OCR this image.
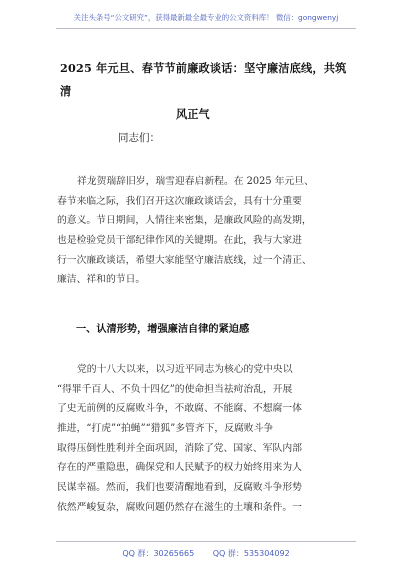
关注头条号“公文研究”，获得最新最全最专业的公文资料库！ 微信：gongwenyj
2025 年元旦、春节节前廉政谈话：坚守廉洁底线，共筑清
风正气
同志们：
祥龙贺瑞辞旧岁，瑞雪迎春启新程。在 2025 年元旦、
春节来临之际，我们召开这次廉政谈话会，具有十分重要
的意义。节日期间，人情往来密集，是廉政风险的高发期，
也是检验党员干部纪律作风的关键期。在此，我与大家进
行一次廉政谈话，希望大家能坚守廉洁底线，过一个清正、
廉洁、祥和的节日。
一、认清形势，增强廉洁自律的紧迫感
党的十八大以来，以习近平同志为核心的党中央以
“得罪千百人、不负十四亿”的使命担当祛疴治乱，开展
了史无前例的反腐败斗争，不敢腐、不能腐、不想腐一体
推进，“打虎”“拍蝇”“猎狐”多管齐下，反腐败斗争
取得压倒性胜利并全面巩固，消除了党、国家、军队内部
存在的严重隐患，确保党和人民赋予的权力始终用来为人
民谋幸福。然而，我们也要清醒地看到，反腐败斗争形势
依然严峻复杂，腐败问题仍然存在滋生的土壤和条件。一
QQ 群：30265665 QQ 群：535304092
